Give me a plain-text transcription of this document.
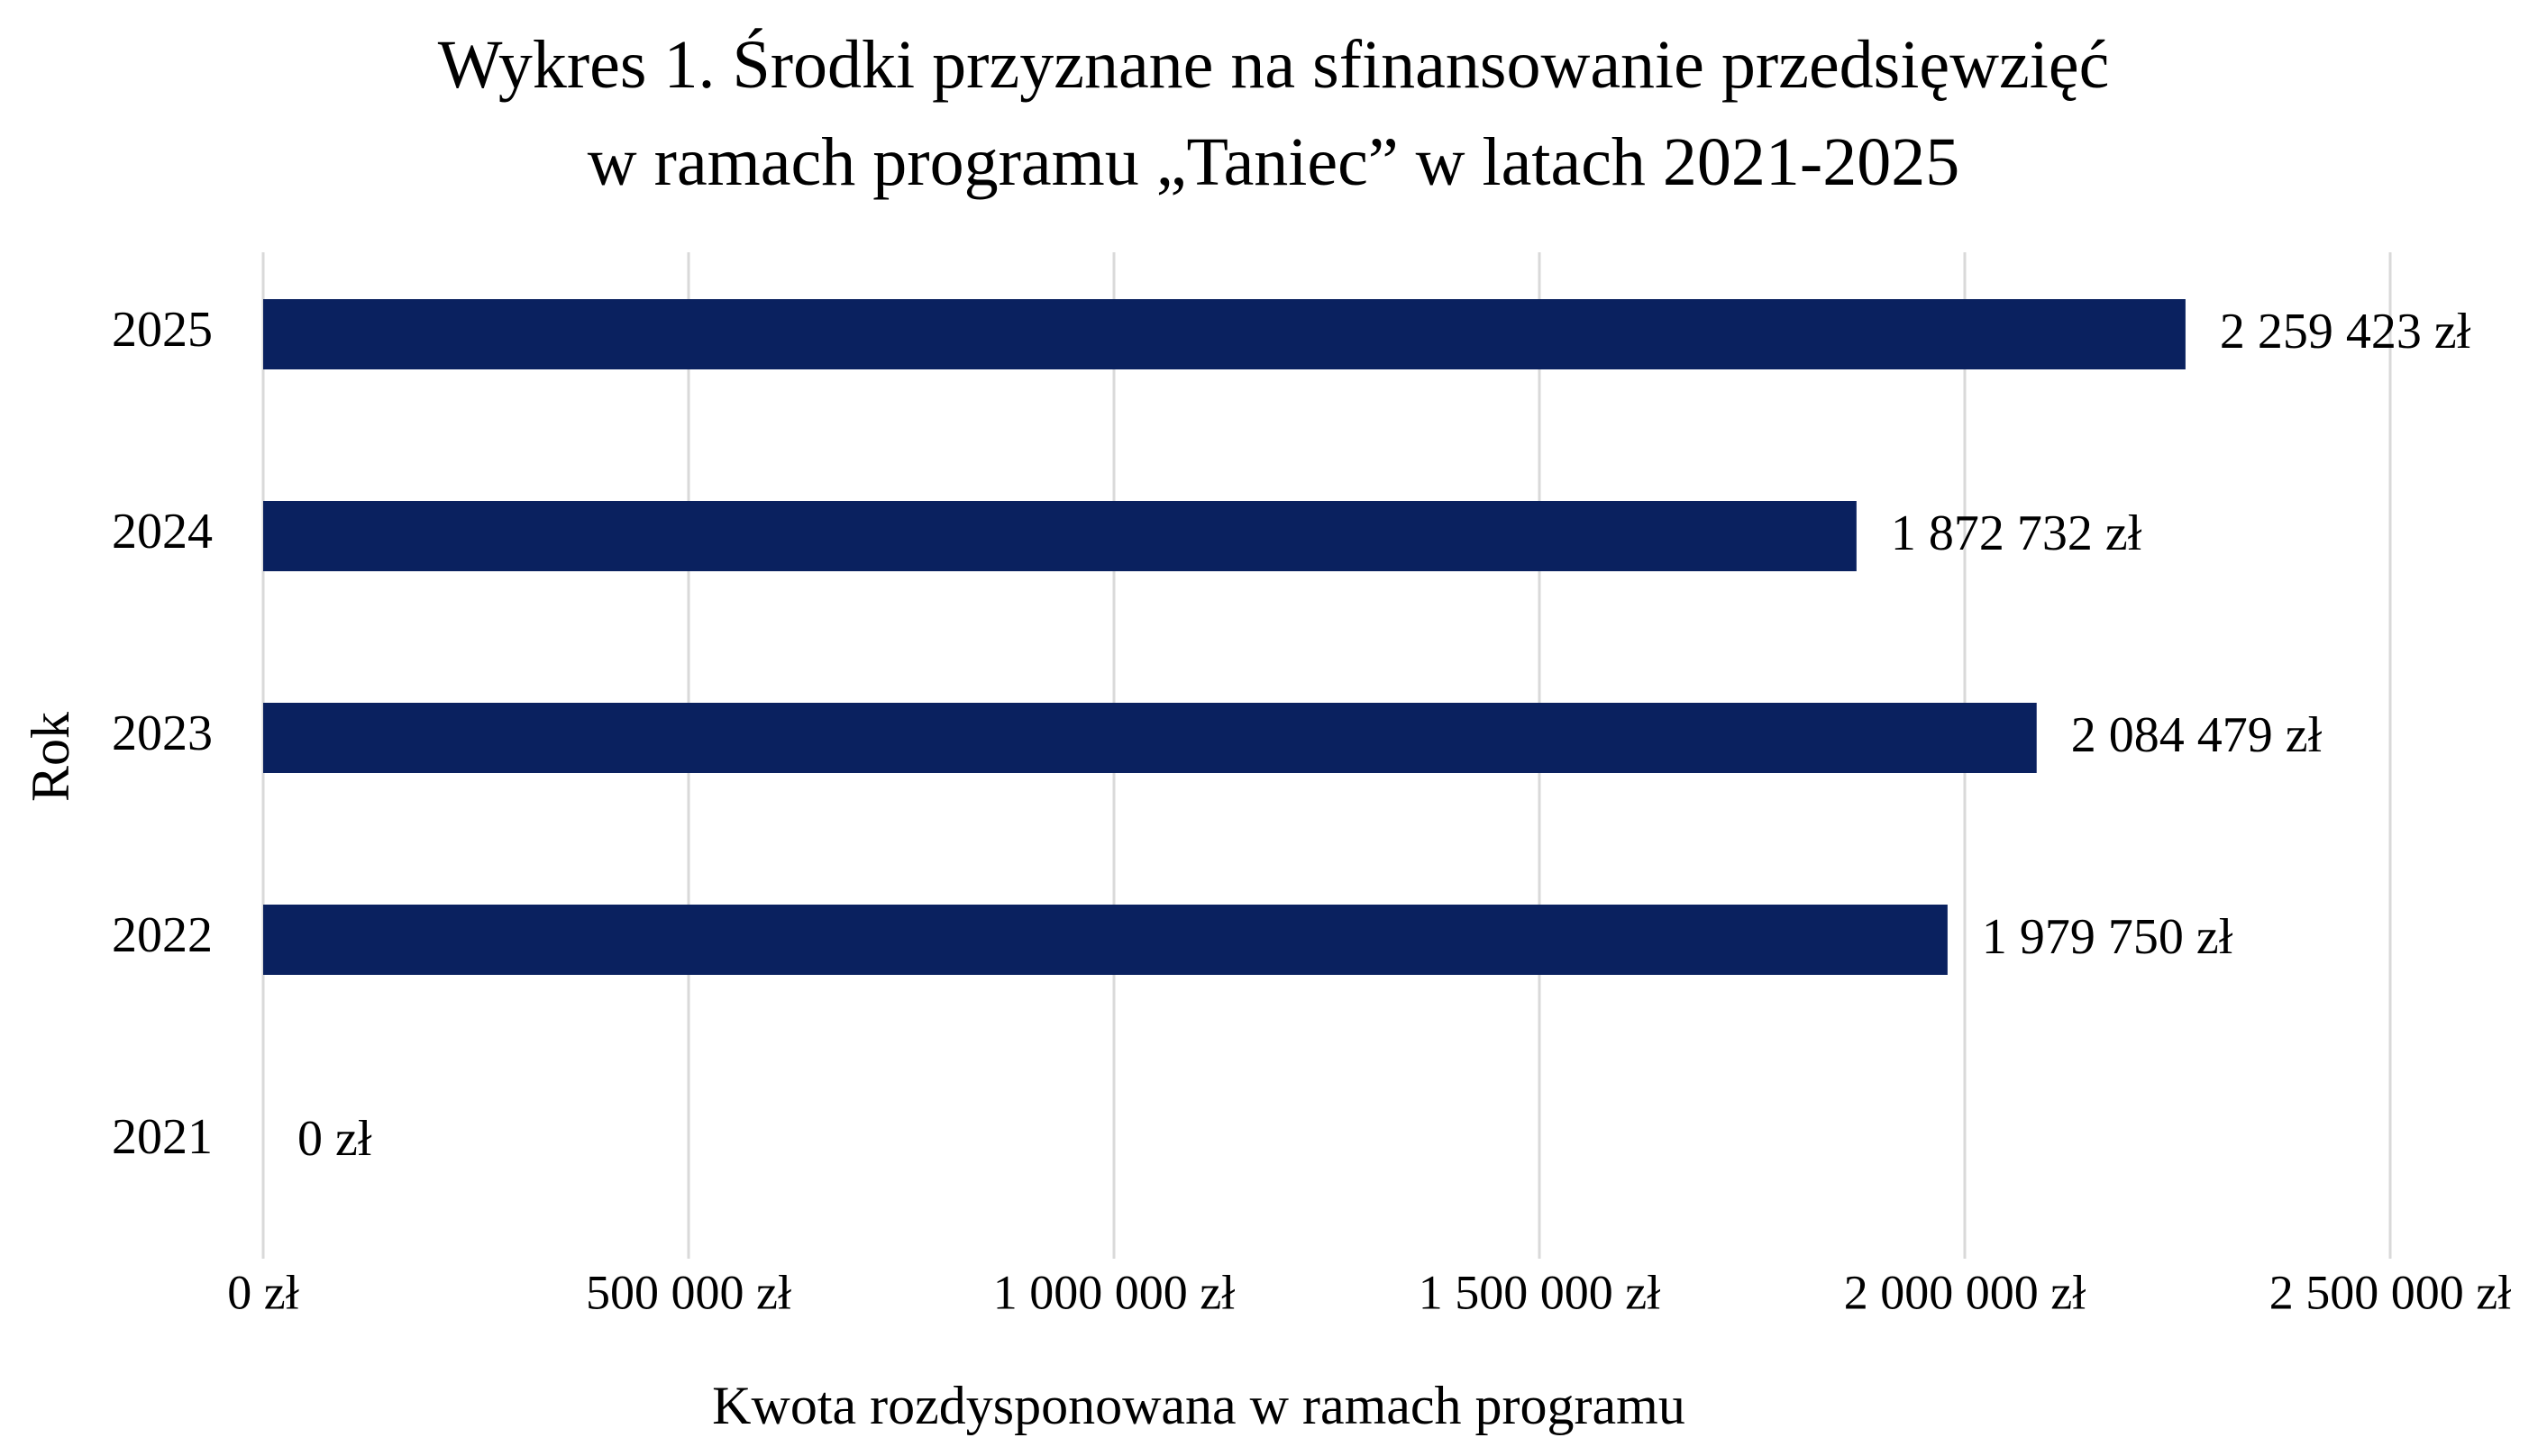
Wykres 1. Środki przyznane na sfinansowanie przedsięwzięć
w ramach programu „Taniec” w latach 2021-2025
2 259 423 zł
1 872 732 zł
2 084 479 zł
1 979 750 zł
0 zł
2025
2024
2023
2022
2021
0 zł	500 000 zł	1 000 000 zł	1 500 000 zł	2 000 000 zł	2 500 000 zł
Kwota rozdysponowana w ramach programu
Rok
